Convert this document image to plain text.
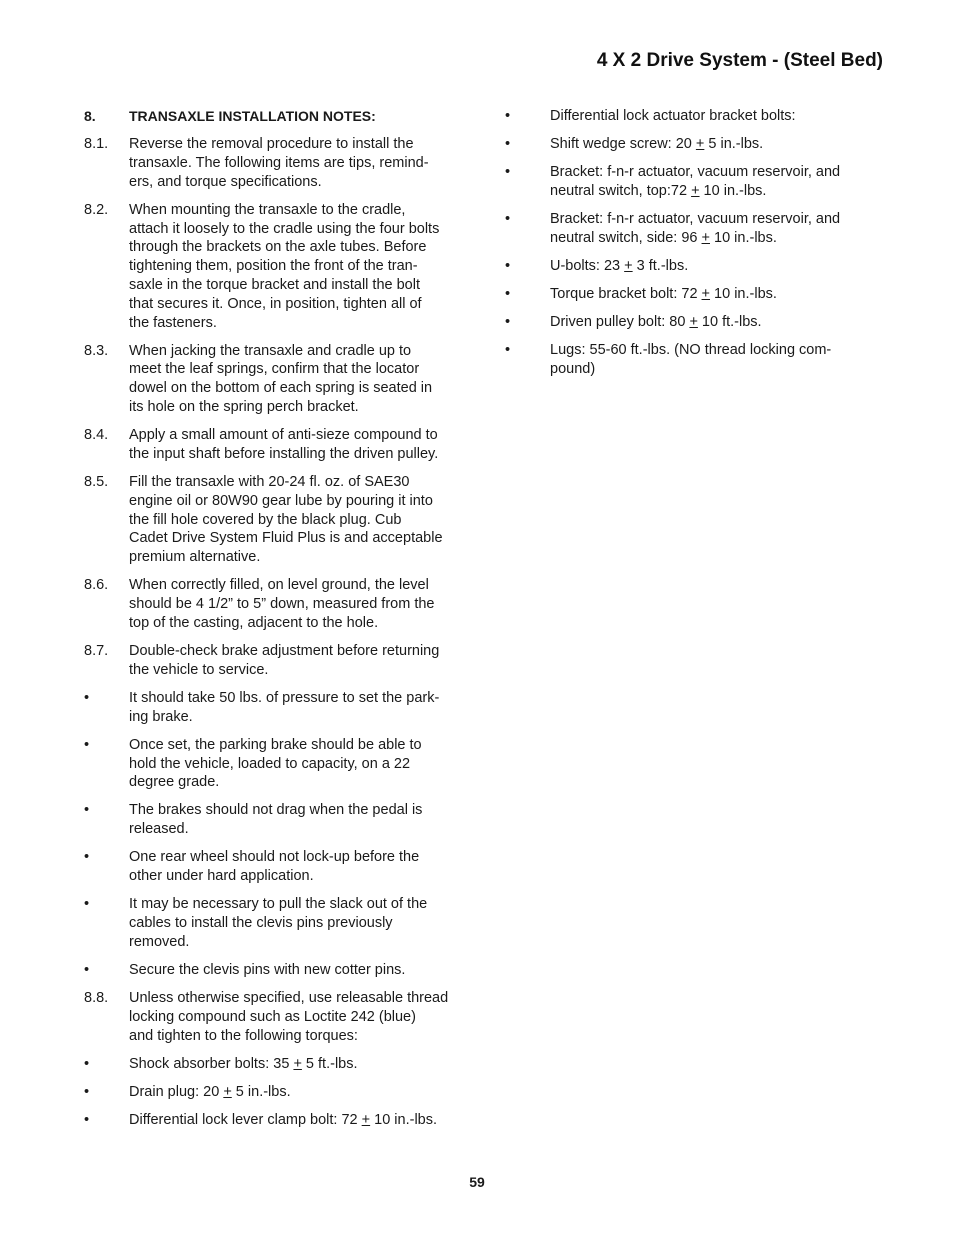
4 X 2 Drive System - (Steel Bed)
8.	TRANSAXLE INSTALLATION NOTES:
8.1.	Reverse the removal procedure to install the
transaxle. The following items are tips, remind-
ers, and torque specifications.
8.2.	When mounting the transaxle to the cradle,
attach it loosely to the cradle using the four bolts
through the brackets on the axle tubes. Before
tightening them, position the front of the tran-
saxle in the torque bracket and install the bolt
that secures it. Once, in position, tighten all of
the fasteners.
8.3.	When jacking the transaxle and cradle up to
meet the leaf springs, confirm that the locator
dowel on the bottom of each spring is seated in
its hole on the spring perch bracket.
8.4.	Apply a small amount of anti-sieze compound to
the input shaft before installing the driven pulley.
8.5.	Fill the transaxle with 20-24 fl. oz. of SAE30
engine oil or 80W90 gear lube by pouring it into
the fill hole covered by the black plug. Cub
Cadet Drive System Fluid Plus is and acceptable
premium alternative.
8.6.	When correctly filled, on level ground, the level
should be 4 1/2” to 5” down, measured from the
top of the casting, adjacent to the hole.
8.7.	Double-check brake adjustment before returning
the vehicle to service.
•	It should take 50 lbs. of pressure to set the park-
ing brake.
•	Once set, the parking brake should be able to
hold the vehicle, loaded to capacity, on a 22
degree grade.
•	The brakes should not drag when the pedal is
released.
•	One rear wheel should not lock-up before the
other under hard application.
•	It may be necessary to pull the slack out of the
cables to install the clevis pins previously
removed.
•	Secure the clevis pins with new cotter pins.
8.8.	Unless otherwise specified, use releasable thread
locking compound such as Loctite 242 (blue)
and tighten to the following torques:
•	Shock absorber bolts: 35 + 5 ft.-lbs.
•	Drain plug: 20 + 5 in.-lbs.
•	Differential lock lever clamp bolt: 72 + 10 in.-lbs.
•	Differential lock actuator bracket bolts:
•	Shift wedge screw: 20 + 5 in.-lbs.
•	Bracket: f-n-r actuator, vacuum reservoir, and
neutral switch, top:72 + 10 in.-lbs.
•	Bracket: f-n-r actuator, vacuum reservoir, and
neutral switch, side: 96 + 10 in.-lbs.
•	U-bolts: 23 + 3 ft.-lbs.
•	Torque bracket bolt: 72 + 10 in.-lbs.
•	Driven pulley bolt: 80 + 10 ft.-lbs.
•	Lugs: 55-60 ft.-lbs. (NO thread locking com-
pound)
59
